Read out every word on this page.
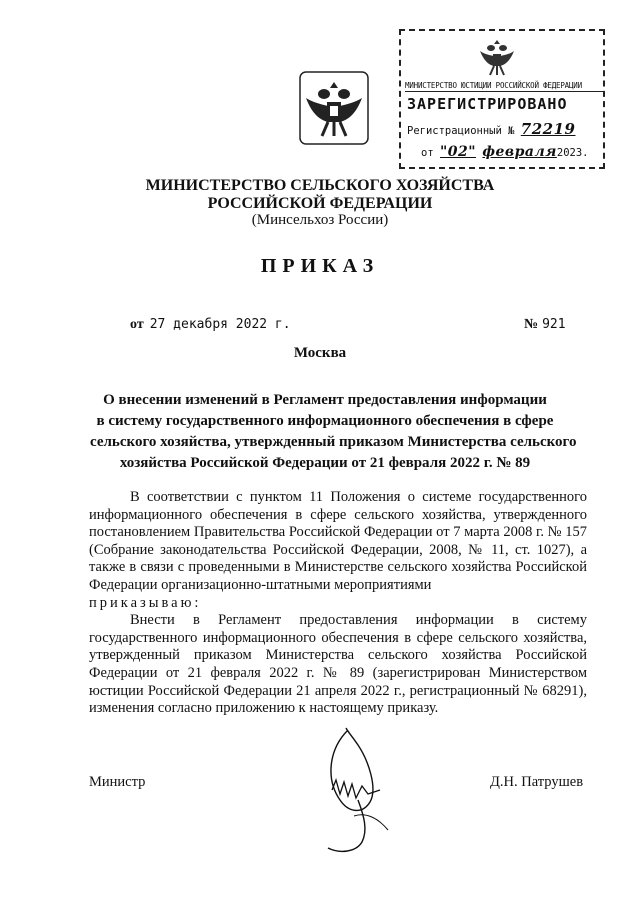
МИНИСТЕРСТВО ЮСТИЦИИ РОССИЙСКОЙ ФЕДЕРАЦИИ
ЗАРЕГИСТРИРОВАНО
Регистрационный № 72219
от "02" февраля2023.
МИНИСТЕРСТВО СЕЛЬСКОГО ХОЗЯЙСТВА
РОССИЙСКОЙ ФЕДЕРАЦИИ
(Минсельхоз России)
ПРИКАЗ
от 27 декабря 2022 г.	№ 921
Москва
О внесении изменений в Регламент предоставления информации
в систему государственного информационного обеспечения в сфере
сельского хозяйства, утвержденный приказом Министерства сельского
хозяйства Российской Федерации от 21 февраля 2022 г. № 89

В соответствии с пунктом 11 Положения о системе государственного информационного обеспечения в сфере сельского хозяйства, утвержденного постановлением Правительства Российской Федерации от 7 марта 2008 г. № 157 (Собрание законодательства Российской Федерации, 2008, № 11, ст. 1027), а также в связи с проведенными в Министерстве сельского хозяйства Российской Федерации организационно-штатными мероприятиями

приказываю:

Внести в Регламент предоставления информации в систему государственного информационного обеспечения в сфере сельского хозяйства, утвержденный приказом Министерства сельского хозяйства Российской Федерации от 21 февраля 2022 г. № 89 (зарегистрирован Министерством юстиции Российской Федерации 21 апреля 2022 г., регистрационный № 68291), изменения согласно приложению к настоящему приказу.

Министр	Д.Н. Патрушев
